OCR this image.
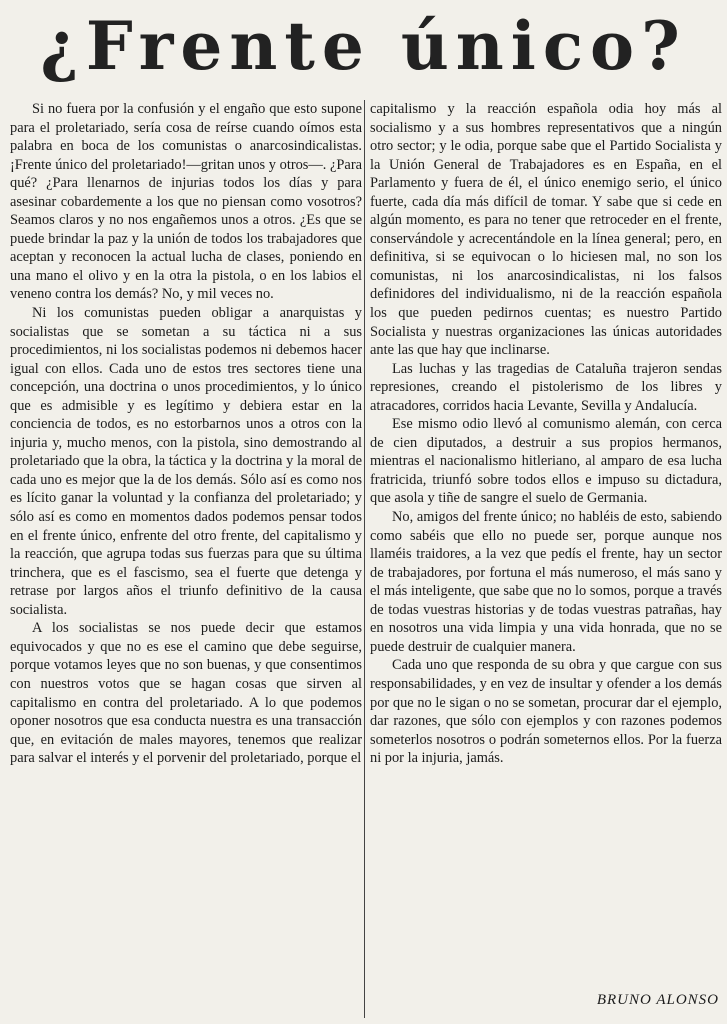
¿Frente único?

Si no fuera por la confusión y el engaño que esto supone para el proletariado, sería cosa de reírse cuando oímos esta palabra en boca de los comunistas o anarcosindicalistas. ¡Frente único del proletariado!—gritan unos y otros—. ¿Para qué? ¿Para llenarnos de injurias todos los días y para asesinar cobardemente a los que no piensan como vosotros? Seamos claros y no nos engañemos unos a otros. ¿Es que se puede brindar la paz y la unión de todos los trabajadores que aceptan y reconocen la actual lucha de clases, poniendo en una mano el olivo y en la otra la pistola, o en los labios el veneno contra los demás? No, y mil veces no.

Ni los comunistas pueden obligar a anarquistas y socialistas que se sometan a su táctica ni a sus procedimientos, ni los socialistas podemos ni debemos hacer igual con ellos. Cada uno de estos tres sectores tiene una concepción, una doctrina o unos procedimientos, y lo único que es admisible y es legítimo y debiera estar en la conciencia de todos, es no estorbarnos unos a otros con la injuria y, mucho menos, con la pistola, sino demostrando al proletariado que la obra, la táctica y la doctrina y la moral de cada uno es mejor que la de los demás. Sólo así es como nos es lícito ganar la voluntad y la confianza del proletariado; y sólo así es como en momentos dados podemos pensar todos en el frente único, enfrente del otro frente, del capitalismo y la reacción, que agrupa todas sus fuerzas para que su última trinchera, que es el fascismo, sea el fuerte que detenga y retrase por largos años el triunfo definitivo de la causa socialista.

A los socialistas se nos puede decir que estamos equivocados y que no es ese el camino que debe seguirse, porque votamos leyes que no son buenas, y que consentimos con nuestros votos que se hagan cosas que sirven al capitalismo en contra del proletariado. A lo que podemos oponer nosotros que esa conducta nuestra es una transacción que, en evitación de males mayores, tenemos que realizar para salvar el interés y el porvenir del proletariado, porque el

capitalismo y la reacción española odia hoy más al socialismo y a sus hombres representativos que a ningún otro sector; y le odia, porque sabe que el Partido Socialista y la Unión General de Trabajadores es en España, en el Parlamento y fuera de él, el único enemigo serio, el único fuerte, cada día más difícil de tomar. Y sabe que si cede en algún momento, es para no tener que retroceder en el frente, conservándole y acrecentándole en la línea general; pero, en definitiva, si se equivocan o lo hiciesen mal, no son los comunistas, ni los anarcosindicalistas, ni los falsos definidores del individualismo, ni de la reacción española los que pueden pedirnos cuentas; es nuestro Partido Socialista y nuestras organizaciones las únicas autoridades ante las que hay que inclinarse.

Las luchas y las tragedias de Cataluña trajeron sendas represiones, creando el pistolerismo de los libres y atracadores, corridos hacia Levante, Sevilla y Andalucía.

Ese mismo odio llevó al comunismo alemán, con cerca de cien diputados, a destruir a sus propios hermanos, mientras el nacionalismo hitleriano, al amparo de esa lucha fratricida, triunfó sobre todos ellos e impuso su dictadura, que asola y tiñe de sangre el suelo de Germania.

No, amigos del frente único; no habléis de esto, sabiendo como sabéis que ello no puede ser, porque aunque nos llaméis traidores, a la vez que pedís el frente, hay un sector de trabajadores, por fortuna el más numeroso, el más sano y el más inteligente, que sabe que no lo somos, porque a través de todas vuestras historias y de todas vuestras patrañas, hay en nosotros una vida limpia y una vida honrada, que no se puede destruir de cualquier manera.

Cada uno que responda de su obra y que cargue con sus responsabilidades, y en vez de insultar y ofender a los demás por que no le sigan o no se sometan, procurar dar el ejemplo, dar razones, que sólo con ejemplos y con razones podemos someterlos nosotros o podrán someternos ellos. Por la fuerza ni por la injuria, jamás.

BRUNO ALONSO
